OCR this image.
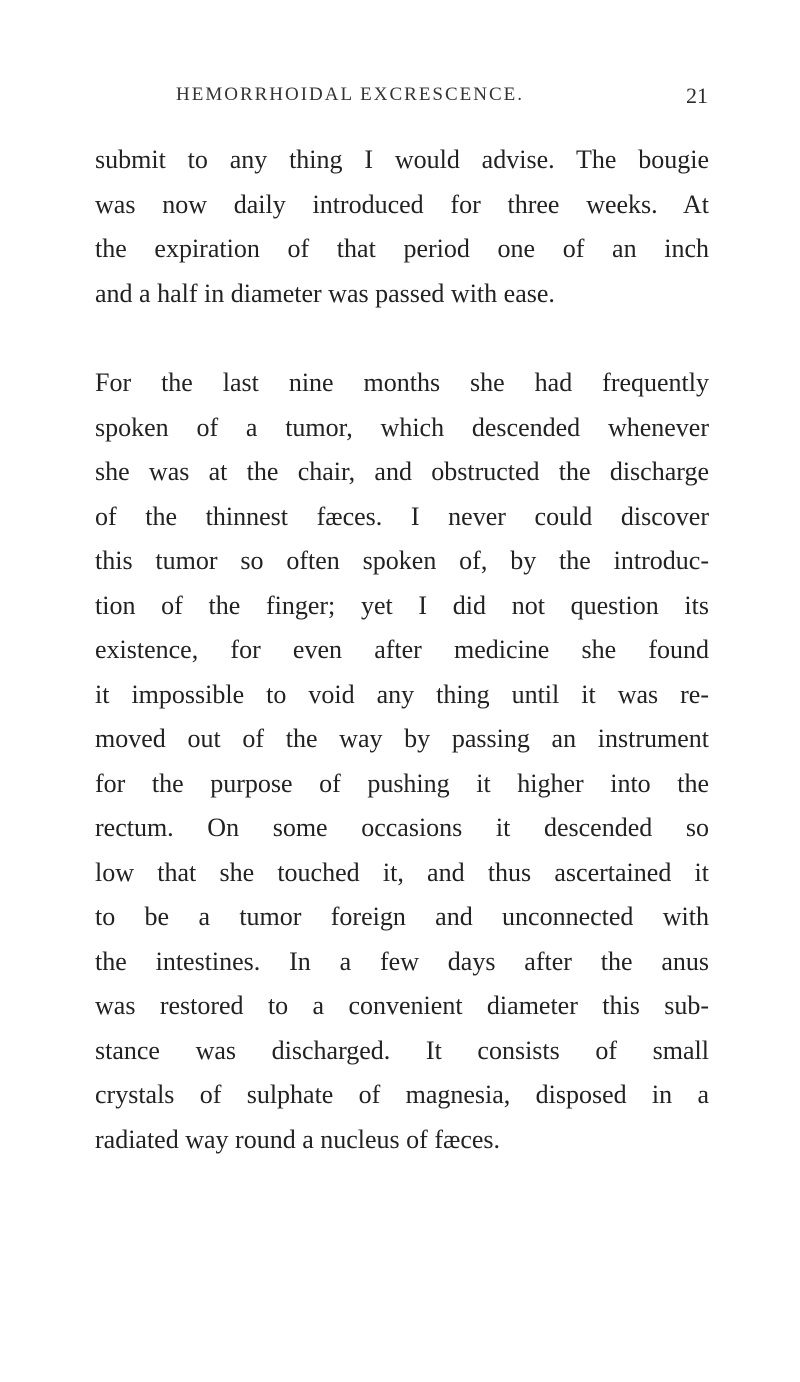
HEMORRHOIDAL EXCRESCENCE.	21

submit to any thing I would advise. The bougie
was now daily introduced for three weeks. At
the expiration of that period one of an inch
and a half in diameter was passed with ease.

For the last nine months she had frequently
spoken of a tumor, which descended whenever
she was at the chair, and obstructed the discharge
of the thinnest fæces. I never could discover
this tumor so often spoken of, by the introduc-
tion of the finger; yet I did not question its
existence, for even after medicine she found
it impossible to void any thing until it was re-
moved out of the way by passing an instrument
for the purpose of pushing it higher into the
rectum. On some occasions it descended so
low that she touched it, and thus ascertained it
to be a tumor foreign and unconnected with
the intestines. In a few days after the anus
was restored to a convenient diameter this sub-
stance was discharged. It consists of small
crystals of sulphate of magnesia, disposed in a
radiated way round a nucleus of fæces.
